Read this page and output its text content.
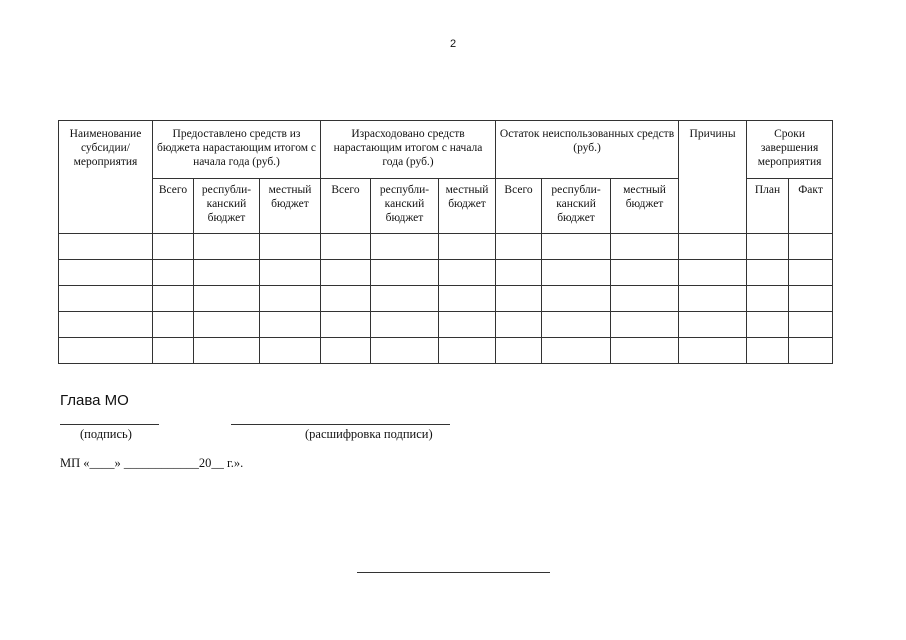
2
Наименование субсидии/ мероприятия	Предоставлено средств из бюджета нарастающим итогом с начала года (руб.)			Израсходовано средств нарастающим итогом с начала года (руб.)			Остаток неиспользованных средств (руб.)			Причины	Сроки завершения мероприятия	
	Всего	республи-канский бюджет	местный бюджет	Всего	республи-канский бюджет	местный бюджет	Всего	республи-канский бюджет	местный бюджет		План	Факт

Глава МО
(подпись)	(расшифровка подписи)
МП «____» ____________20__ г.».
